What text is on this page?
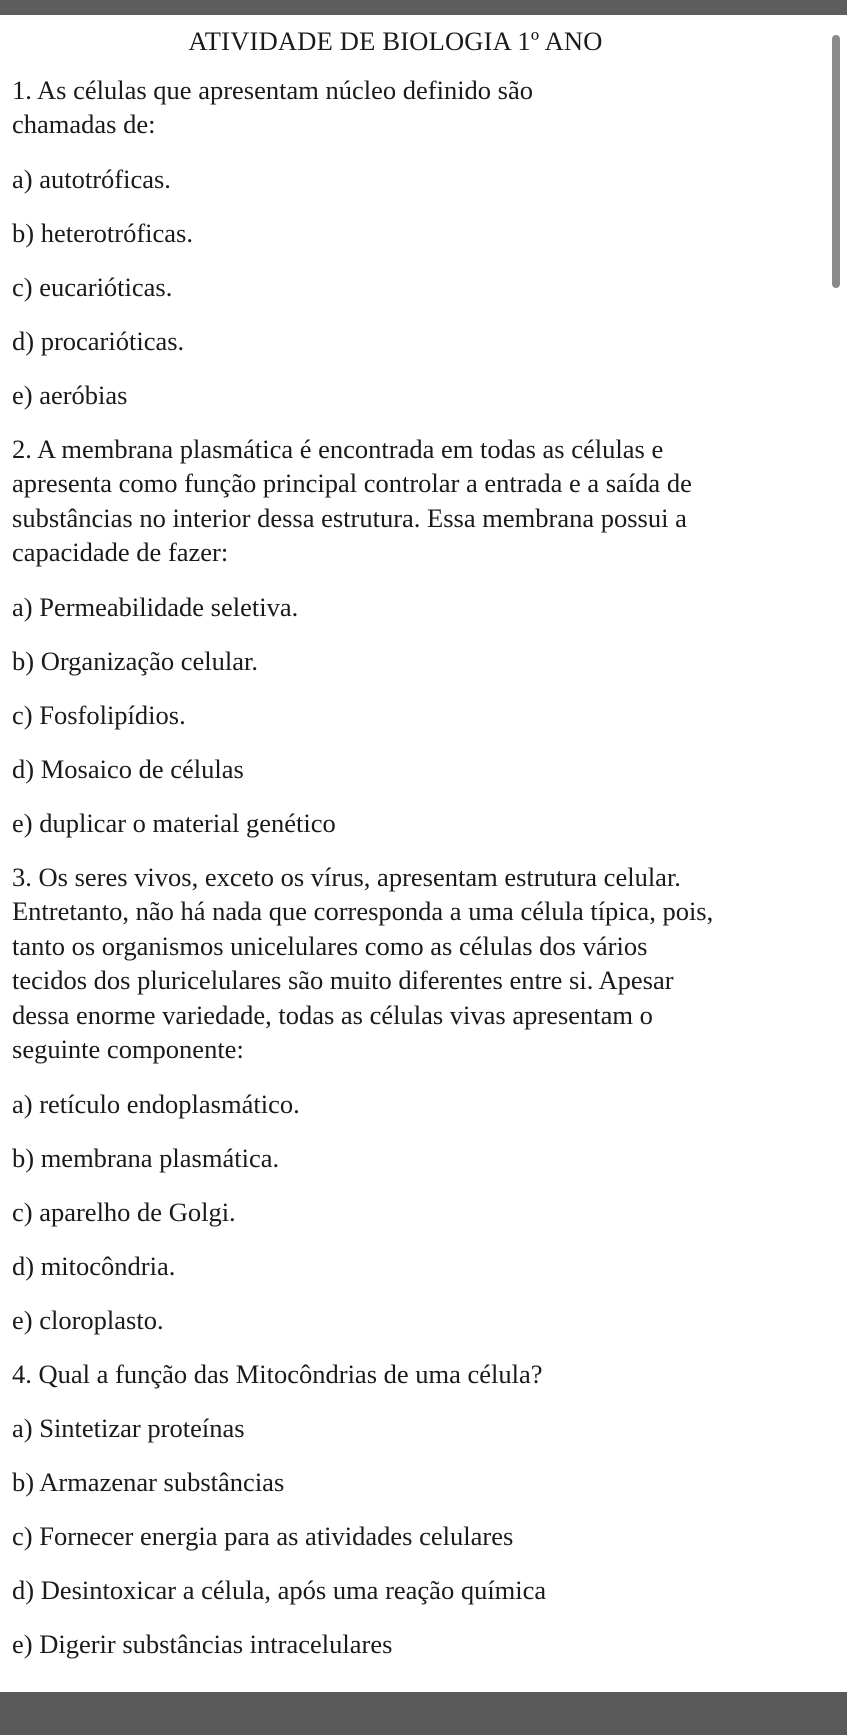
ATIVIDADE DE BIOLOGIA 1º ANO
1. As células que apresentam núcleo definido são chamadas de:
a) autotróficas.
b) heterotróficas.
c) eucarióticas.
d) procarióticas.
e) aeróbias
2. A membrana plasmática é encontrada em todas as células e apresenta como função principal controlar a entrada e a saída de substâncias no interior dessa estrutura. Essa membrana possui a capacidade de fazer:
a) Permeabilidade seletiva.
b) Organização celular.
c) Fosfolipídios.
d) Mosaico de células
e) duplicar o material genético
3. Os seres vivos, exceto os vírus, apresentam estrutura celular. Entretanto, não há nada que corresponda a uma célula típica, pois, tanto os organismos unicelulares como as células dos vários tecidos dos pluricelulares são muito diferentes entre si. Apesar dessa enorme variedade, todas as células vivas apresentam o seguinte componente:
a) retículo endoplasmático.
b) membrana plasmática.
c) aparelho de Golgi.
d) mitocôndria.
e) cloroplasto.
4. Qual a função das Mitocôndrias de uma célula?
a) Sintetizar proteínas
b) Armazenar substâncias
c) Fornecer energia para as atividades celulares
d) Desintoxicar a célula, após uma reação química
e) Digerir substâncias intracelulares
